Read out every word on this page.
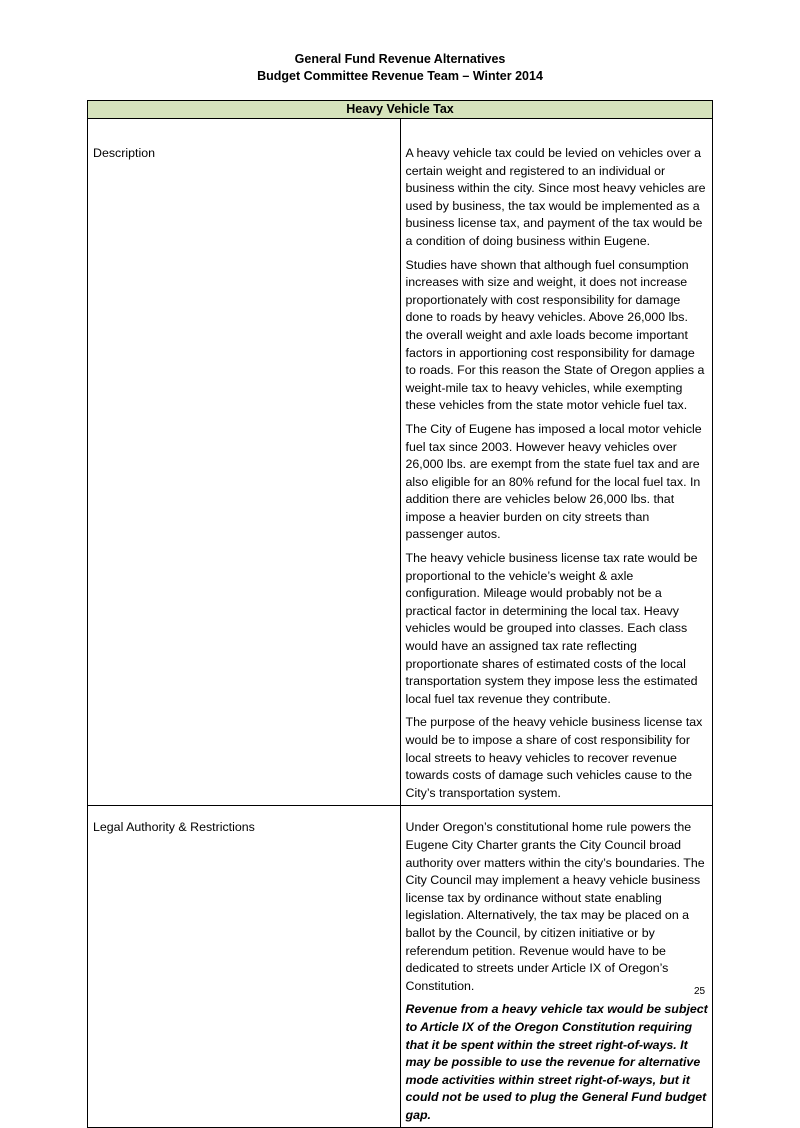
General Fund Revenue Alternatives
Budget Committee Revenue Team – Winter 2014
Heavy Vehicle Tax	
Description	A heavy vehicle tax could be levied on vehicles over a certain weight and registered to an individual or business within the city. Since most heavy vehicles are used by business, the tax would be implemented as a business license tax, and payment of the tax would be a condition of doing business within Eugene.

Studies have shown that although fuel consumption increases with size and weight, it does not increase proportionately with cost responsibility for damage done to roads by heavy vehicles. Above 26,000 lbs. the overall weight and axle loads become important factors in apportioning cost responsibility for damage to roads. For this reason the State of Oregon applies a weight-mile tax to heavy vehicles, while exempting these vehicles from the state motor vehicle fuel tax.

The City of Eugene has imposed a local motor vehicle fuel tax since 2003. However heavy vehicles over 26,000 lbs. are exempt from the state fuel tax and are also eligible for an 80% refund for the local fuel tax. In addition there are vehicles below 26,000 lbs. that impose a heavier burden on city streets than passenger autos.

The heavy vehicle business license tax rate would be proportional to the vehicle’s weight & axle configuration. Mileage would probably not be a practical factor in determining the local tax. Heavy vehicles would be grouped into classes. Each class would have an assigned tax rate reflecting proportionate shares of estimated costs of the local transportation system they impose less the estimated local fuel tax revenue they contribute.

The purpose of the heavy vehicle business license tax would be to impose a share of cost responsibility for local streets to heavy vehicles to recover revenue towards costs of damage such vehicles cause to the City’s transportation system.

Legal Authority & Restrictions	Under Oregon’s constitutional home rule powers the Eugene City Charter grants the City Council broad authority over matters within the city’s boundaries. The City Council may implement a heavy vehicle business license tax by ordinance without state enabling legislation. Alternatively, the tax may be placed on a ballot by the Council, by citizen initiative or by referendum petition. Revenue would have to be dedicated to streets under Article IX of Oregon’s Constitution.

Revenue from a heavy vehicle tax would be subject to Article IX of the Oregon Constitution requiring that it be spent within the street right-of-ways. It may be possible to use the revenue for alternative mode activities within street right-of-ways, but it could not be used to plug the General Fund budget gap.

25
